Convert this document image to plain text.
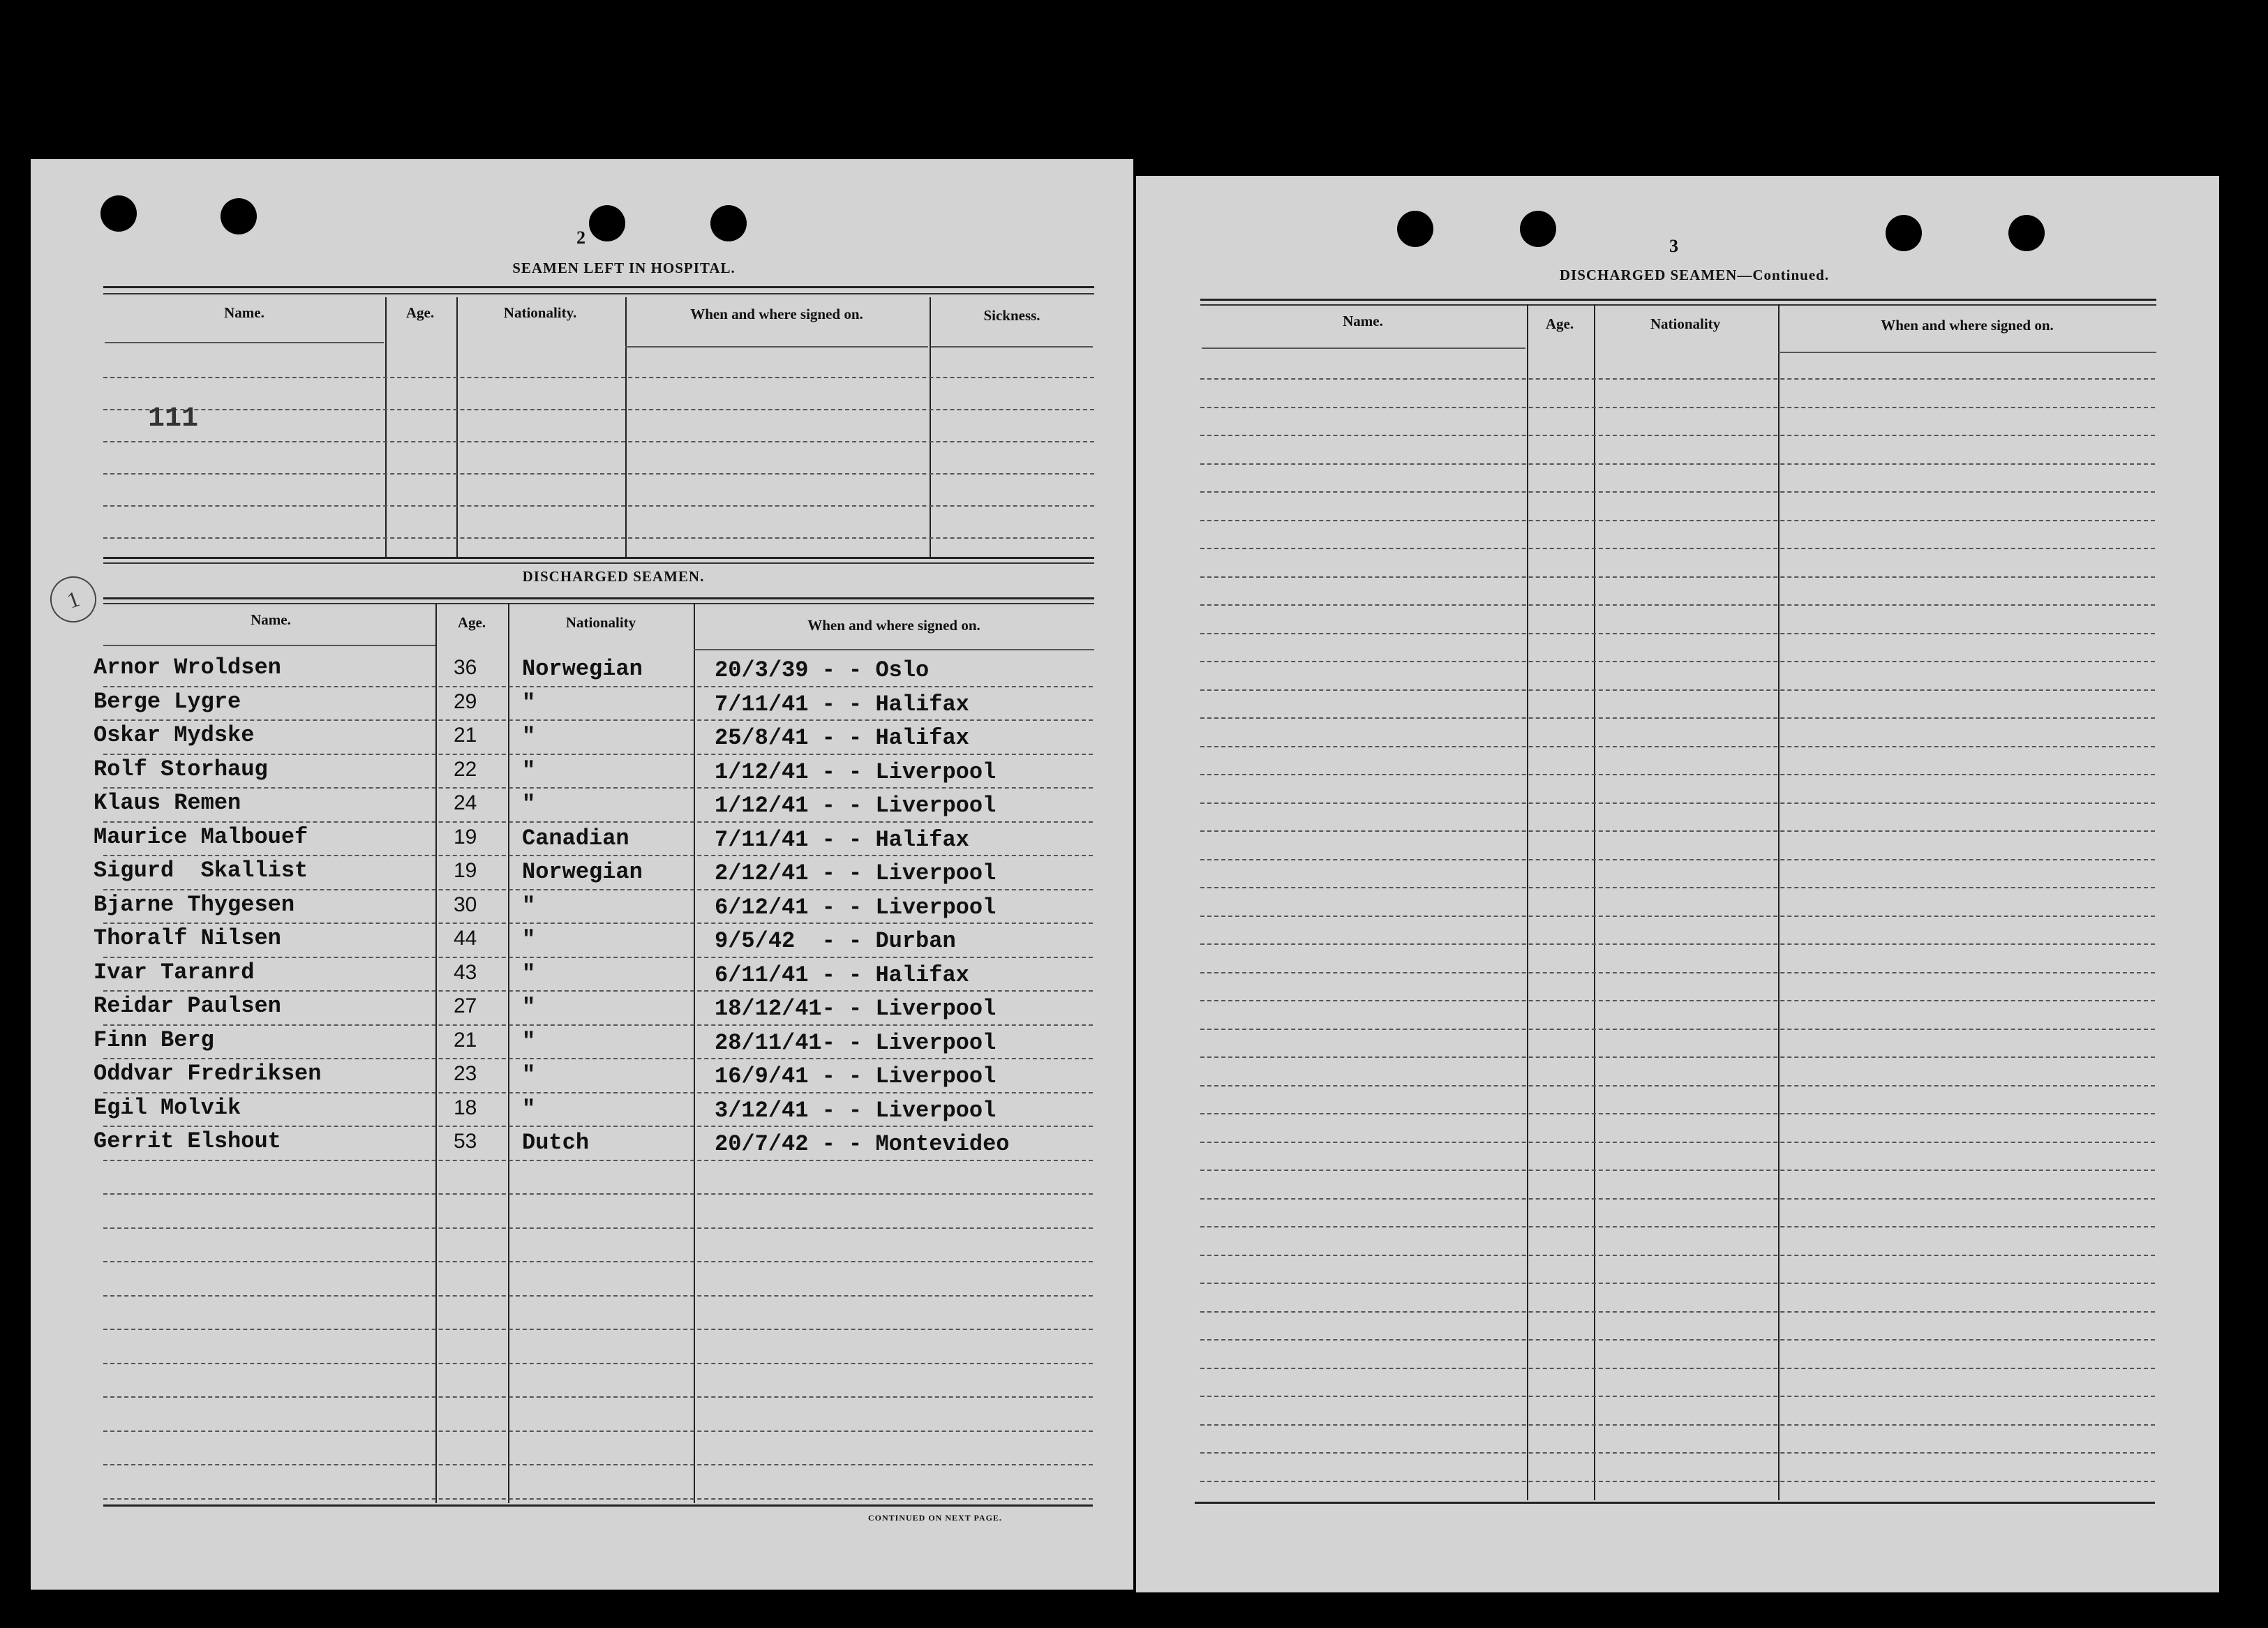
2
SEAMEN LEFT IN HOSPITAL.
Name.	Age.	Nationality.	When and where signed on.	Sickness.
111
1
DISCHARGED SEAMEN.
Name.	Age.	Nationality	When and where signed on.
Arnor Wroldsen	36 Norwegian	20/3/39 - - Oslo
Berge Lygre	29 "	7/11/41 - - Halifax
Oskar Mydske	21 "	25/8/41 - - Halifax
Rolf Storhaug	22 "	1/12/41 - - Liverpool
Klaus Remen	24 "	1/12/41 - - Liverpool
Maurice Malbouef	19 Canadian	7/11/41 - - Halifax
Sigurd  Skallist	19 Norwegian	2/12/41 - - Liverpool
Bjarne Thygesen	30 "	6/12/41 - - Liverpool
Thoralf Nilsen	44 "	9/5/42  - - Durban
Ivar Taranrd	43 "	6/11/41 - - Halifax
Reidar Paulsen	27 "	18/12/41- - Liverpool
Finn Berg	21 "	28/11/41- - Liverpool
Oddvar Fredriksen	23 "	16/9/41 - - Liverpool
Egil Molvik	18 "	3/12/41 - - Liverpool
Gerrit Elshout	53 Dutch	20/7/42 - - Montevideo
CONTINUED ON NEXT PAGE.
3
DISCHARGED SEAMEN—Continued.
Name.	Age.	Nationality	When and where signed on.
